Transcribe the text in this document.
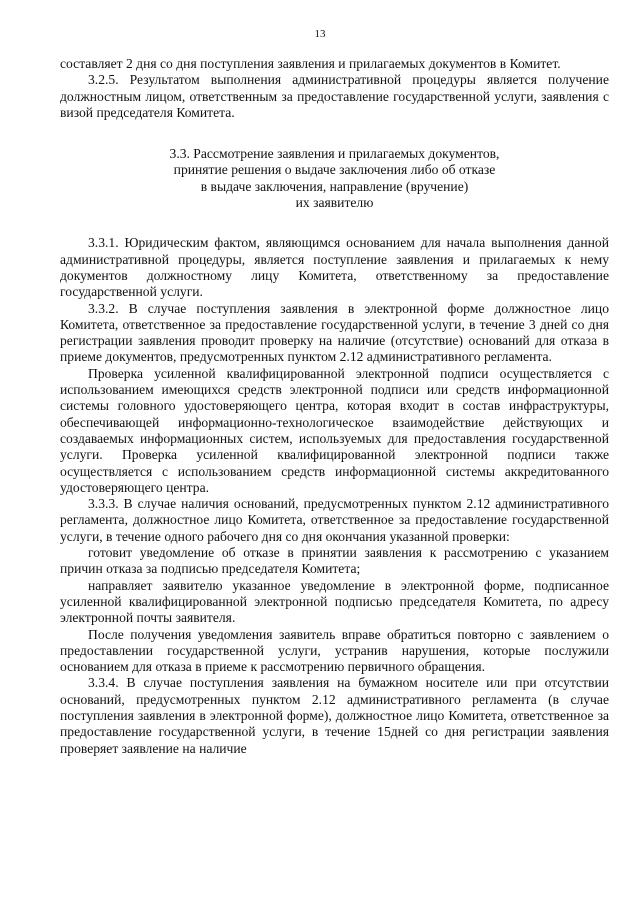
13

составляет 2 дня со дня поступления заявления и прилагаемых документов в Комитет.

3.2.5. Результатом выполнения административной процедуры является получение должностным лицом, ответственным за предоставление государственной услуги, заявления с визой председателя Комитета.

3.3. Рассмотрение заявления и прилагаемых документов,
принятие решения о выдаче заключения либо об отказе
в выдаче заключения, направление (вручение)
их заявителю

3.3.1. Юридическим фактом, являющимся основанием для начала выполнения данной административной процедуры, является поступление заявления и прилагаемых к нему документов должностному лицу Комитета, ответственному за предоставление государственной услуги.

3.3.2. В случае поступления заявления в электронной форме должностное лицо Комитета, ответственное за предоставление государственной услуги, в течение 3 дней со дня регистрации заявления проводит проверку на наличие (отсутствие) оснований для отказа в приеме документов, предусмотренных пунктом 2.12 административного регламента.

Проверка усиленной квалифицированной электронной подписи осуществляется с использованием имеющихся средств электронной подписи или средств информационной системы головного удостоверяющего центра, которая входит в состав инфраструктуры, обеспечивающей информационно-технологическое взаимодействие действующих и создаваемых информационных систем, используемых для предоставления государственной услуги. Проверка усиленной квалифицированной электронной подписи также осуществляется с использованием средств информационной системы аккредитованного удостоверяющего центра.

3.3.3. В случае наличия оснований, предусмотренных пунктом 2.12 административного регламента, должностное лицо Комитета, ответственное за предоставление государственной услуги, в течение одного рабочего дня со дня окончания указанной проверки:

готовит уведомление об отказе в принятии заявления к рассмотрению с указанием причин отказа за подписью председателя Комитета;

направляет заявителю указанное уведомление в электронной форме, подписанное усиленной квалифицированной электронной подписью председателя Комитета, по адресу электронной почты заявителя.

После получения уведомления заявитель вправе обратиться повторно с заявлением о предоставлении государственной услуги, устранив нарушения, которые послужили основанием для отказа в приеме к рассмотрению первичного обращения.

3.3.4. В случае поступления заявления на бумажном носителе или при отсутствии оснований, предусмотренных пунктом 2.12 административного регламента (в случае поступления заявления в электронной форме), должностное лицо Комитета, ответственное за предоставление государственной услуги, в течение 15дней со дня регистрации заявления проверяет заявление на наличие
